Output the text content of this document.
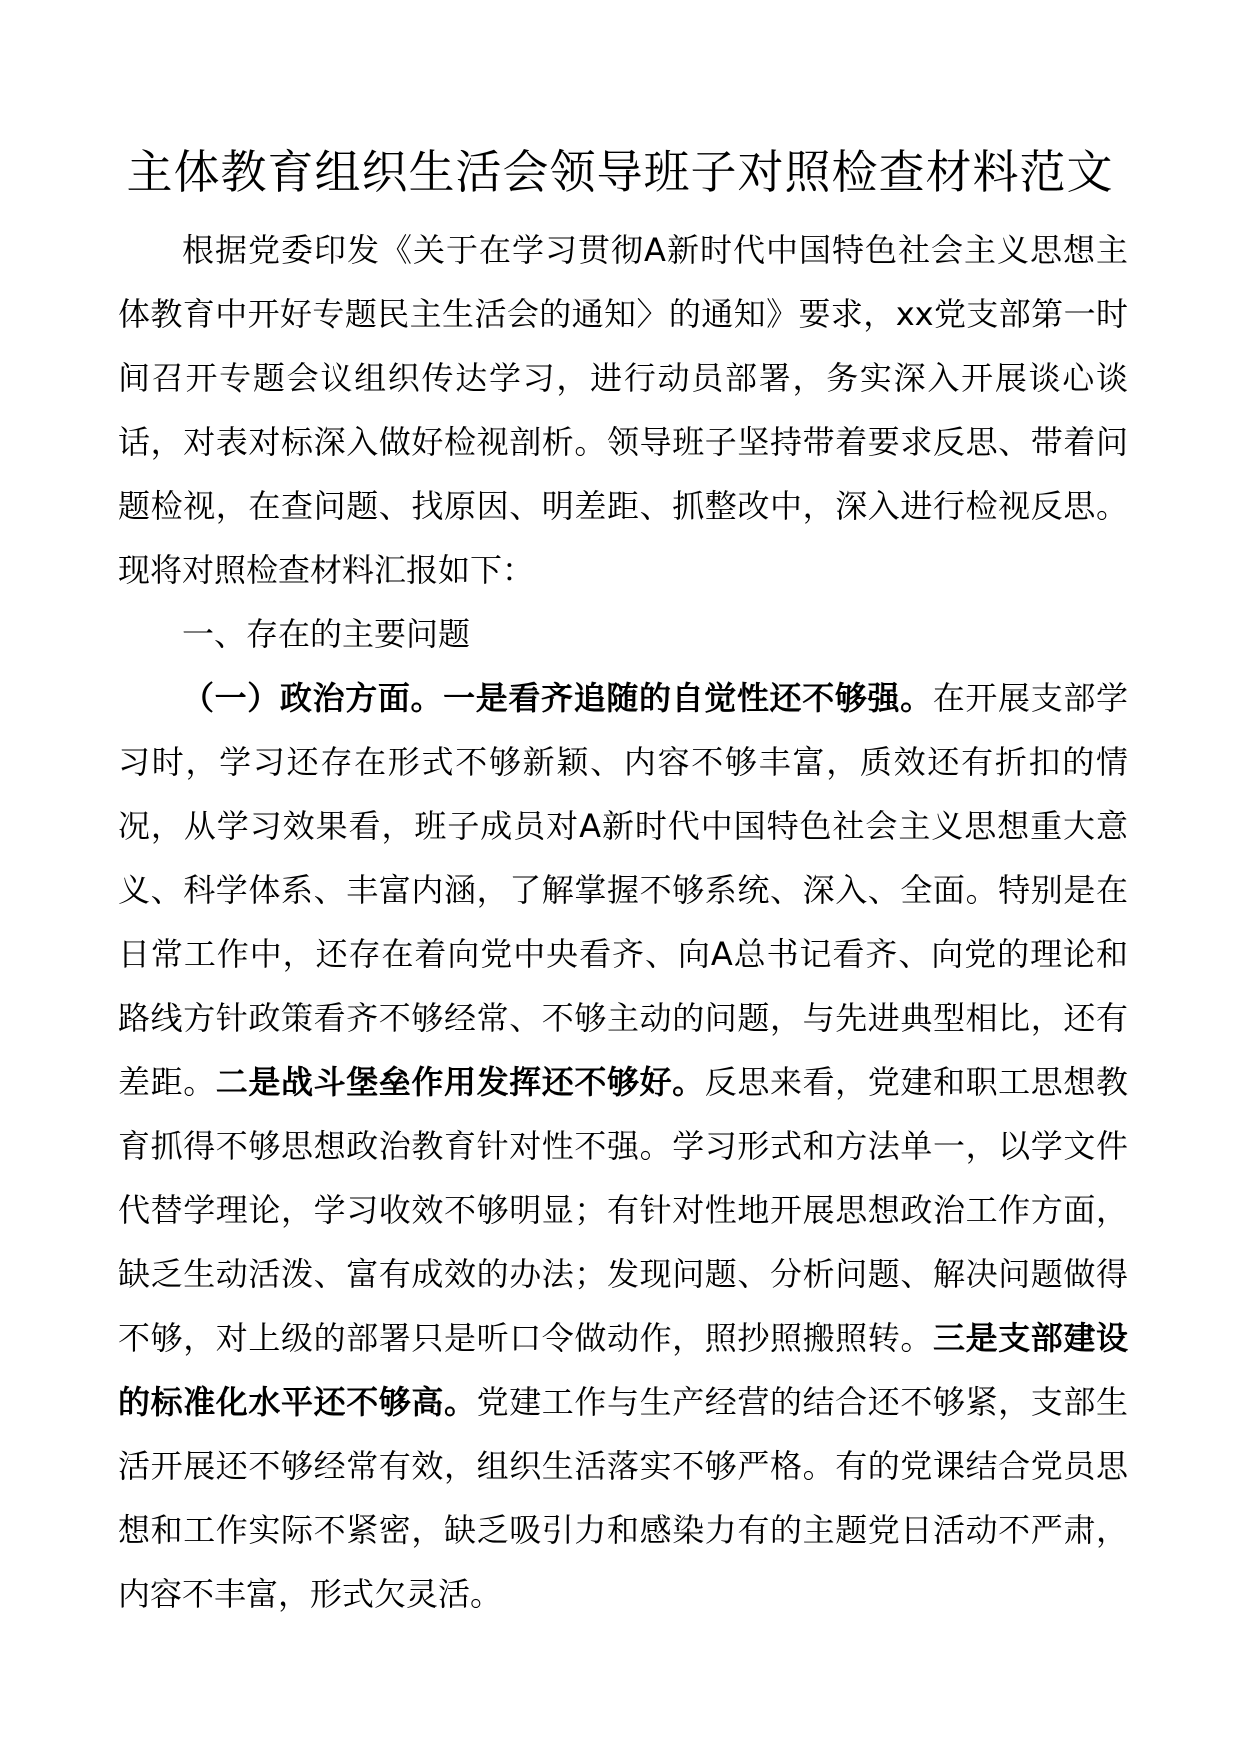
主体教育组织生活会领导班子对照检查材料范文

根据党委印发《关于在学习贯彻A新时代中国特色社会主义思想主体教育中开好专题民主生活会的通知〉的通知》要求，xx党支部第一时间召开专题会议组织传达学习，进行动员部署，务实深入开展谈心谈话，对表对标深入做好检视剖析。领导班子坚持带着要求反思、带着问题检视，在查问题、找原因、明差距、抓整改中，深入进行检视反思。现将对照检查材料汇报如下：

一、存在的主要问题

（一）政治方面。一是看齐追随的自觉性还不够强。在开展支部学习时，学习还存在形式不够新颖、内容不够丰富，质效还有折扣的情况，从学习效果看，班子成员对A新时代中国特色社会主义思想重大意义、科学体系、丰富内涵，了解掌握不够系统、深入、全面。特别是在日常工作中，还存在着向党中央看齐、向A总书记看齐、向党的理论和路线方针政策看齐不够经常、不够主动的问题，与先进典型相比，还有差距。二是战斗堡垒作用发挥还不够好。反思来看，党建和职工思想教育抓得不够思想政治教育针对性不强。学习形式和方法单一，以学文件代替学理论，学习收效不够明显；有针对性地开展思想政治工作方面，缺乏生动活泼、富有成效的办法；发现问题、分析问题、解决问题做得不够，对上级的部署只是听口令做动作，照抄照搬照转。三是支部建设的标准化水平还不够高。党建工作与生产经营的结合还不够紧，支部生活开展还不够经常有效，组织生活落实不够严格。有的党课结合党员思想和工作实际不紧密，缺乏吸引力和感染力有的主题党日活动不严肃，内容不丰富，形式欠灵活。
